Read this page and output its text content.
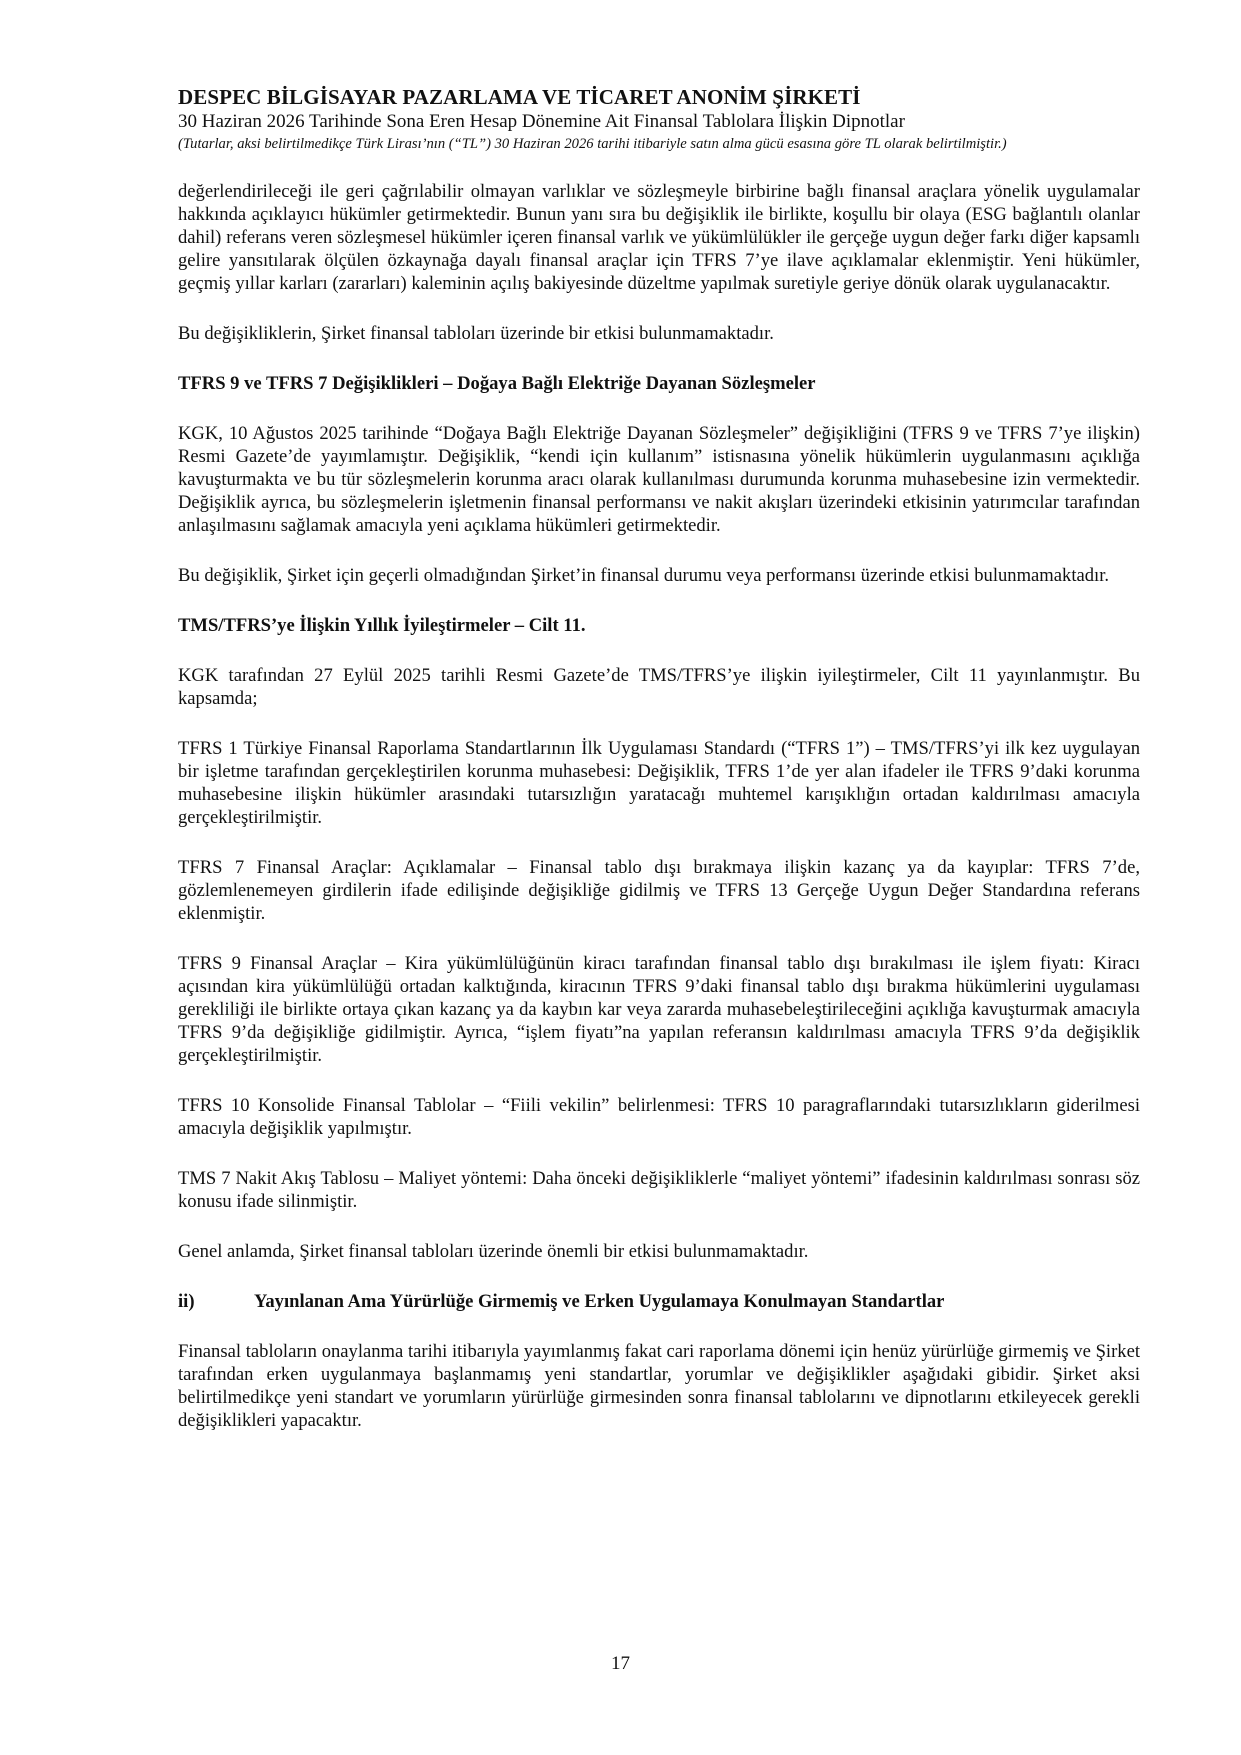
DESPEC BİLGİSAYAR PAZARLAMA VE TİCARET ANONİM ŞİRKETİ
30 Haziran 2026 Tarihinde Sona Eren Hesap Dönemine Ait Finansal Tablolara İlişkin Dipnotlar
(Tutarlar, aksi belirtilmedikçe Türk Lirası’nın (“TL”) 30 Haziran 2026 tarihi itibariyle satın alma gücü esasına göre TL olarak belirtilmiştir.)

değerlendirileceği ile geri çağrılabilir olmayan varlıklar ve sözleşmeyle birbirine bağlı finansal araçlara yönelik uygulamalar hakkında açıklayıcı hükümler getirmektedir. Bunun yanı sıra bu değişiklik ile birlikte, koşullu bir olaya (ESG bağlantılı olanlar dahil) referans veren sözleşmesel hükümler içeren finansal varlık ve yükümlülükler ile gerçeğe uygun değer farkı diğer kapsamlı gelire yansıtılarak ölçülen özkaynağa dayalı finansal araçlar için TFRS 7’ye ilave açıklamalar eklenmiştir. Yeni hükümler, geçmiş yıllar karları (zararları) kaleminin açılış bakiyesinde düzeltme yapılmak suretiyle geriye dönük olarak uygulanacaktır.

Bu değişikliklerin, Şirket finansal tabloları üzerinde bir etkisi bulunmamaktadır.

TFRS 9 ve TFRS 7 Değişiklikleri – Doğaya Bağlı Elektriğe Dayanan Sözleşmeler

KGK, 10 Ağustos 2025 tarihinde “Doğaya Bağlı Elektriğe Dayanan Sözleşmeler” değişikliğini (TFRS 9 ve TFRS 7’ye ilişkin) Resmi Gazete’de yayımlamıştır. Değişiklik, “kendi için kullanım” istisnasına yönelik hükümlerin uygulanmasını açıklığa kavuşturmakta ve bu tür sözleşmelerin korunma aracı olarak kullanılması durumunda korunma muhasebesine izin vermektedir. Değişiklik ayrıca, bu sözleşmelerin işletmenin finansal performansı ve nakit akışları üzerindeki etkisinin yatırımcılar tarafından anlaşılmasını sağlamak amacıyla yeni açıklama hükümleri getirmektedir.

Bu değişiklik, Şirket için geçerli olmadığından Şirket’in finansal durumu veya performansı üzerinde etkisi bulunmamaktadır.

TMS/TFRS’ye İlişkin Yıllık İyileştirmeler – Cilt 11.

KGK tarafından 27 Eylül 2025 tarihli Resmi Gazete’de TMS/TFRS’ye ilişkin iyileştirmeler, Cilt 11 yayınlanmıştır. Bu kapsamda;

TFRS 1 Türkiye Finansal Raporlama Standartlarının İlk Uygulaması Standardı (“TFRS 1”) – TMS/TFRS’yi ilk kez uygulayan bir işletme tarafından gerçekleştirilen korunma muhasebesi: Değişiklik, TFRS 1’de yer alan ifadeler ile TFRS 9’daki korunma muhasebesine ilişkin hükümler arasındaki tutarsızlığın yaratacağı muhtemel karışıklığın ortadan kaldırılması amacıyla gerçekleştirilmiştir.

TFRS 7 Finansal Araçlar: Açıklamalar – Finansal tablo dışı bırakmaya ilişkin kazanç ya da kayıplar: TFRS 7’de, gözlemlenemeyen girdilerin ifade edilişinde değişikliğe gidilmiş ve TFRS 13 Gerçeğe Uygun Değer Standardına referans eklenmiştir.

TFRS 9 Finansal Araçlar – Kira yükümlülüğünün kiracı tarafından finansal tablo dışı bırakılması ile işlem fiyatı: Kiracı açısından kira yükümlülüğü ortadan kalktığında, kiracının TFRS 9’daki finansal tablo dışı bırakma hükümlerini uygulaması gerekliliği ile birlikte ortaya çıkan kazanç ya da kaybın kar veya zararda muhasebeleştirileceğini açıklığa kavuşturmak amacıyla TFRS 9’da değişikliğe gidilmiştir. Ayrıca, “işlem fiyatı”na yapılan referansın kaldırılması amacıyla TFRS 9’da değişiklik gerçekleştirilmiştir.

TFRS 10 Konsolide Finansal Tablolar – “Fiili vekilin” belirlenmesi: TFRS 10 paragraflarındaki tutarsızlıkların giderilmesi amacıyla değişiklik yapılmıştır.

TMS 7 Nakit Akış Tablosu – Maliyet yöntemi: Daha önceki değişikliklerle “maliyet yöntemi” ifadesinin kaldırılması sonrası söz konusu ifade silinmiştir.

Genel anlamda, Şirket finansal tabloları üzerinde önemli bir etkisi bulunmamaktadır.

ii)	Yayınlanan Ama Yürürlüğe Girmemiş ve Erken Uygulamaya Konulmayan Standartlar

Finansal tabloların onaylanma tarihi itibarıyla yayımlanmış fakat cari raporlama dönemi için henüz yürürlüğe girmemiş ve Şirket tarafından erken uygulanmaya başlanmamış yeni standartlar, yorumlar ve değişiklikler aşağıdaki gibidir. Şirket aksi belirtilmedikçe yeni standart ve yorumların yürürlüğe girmesinden sonra finansal tablolarını ve dipnotlarını etkileyecek gerekli değişiklikleri yapacaktır.

17
